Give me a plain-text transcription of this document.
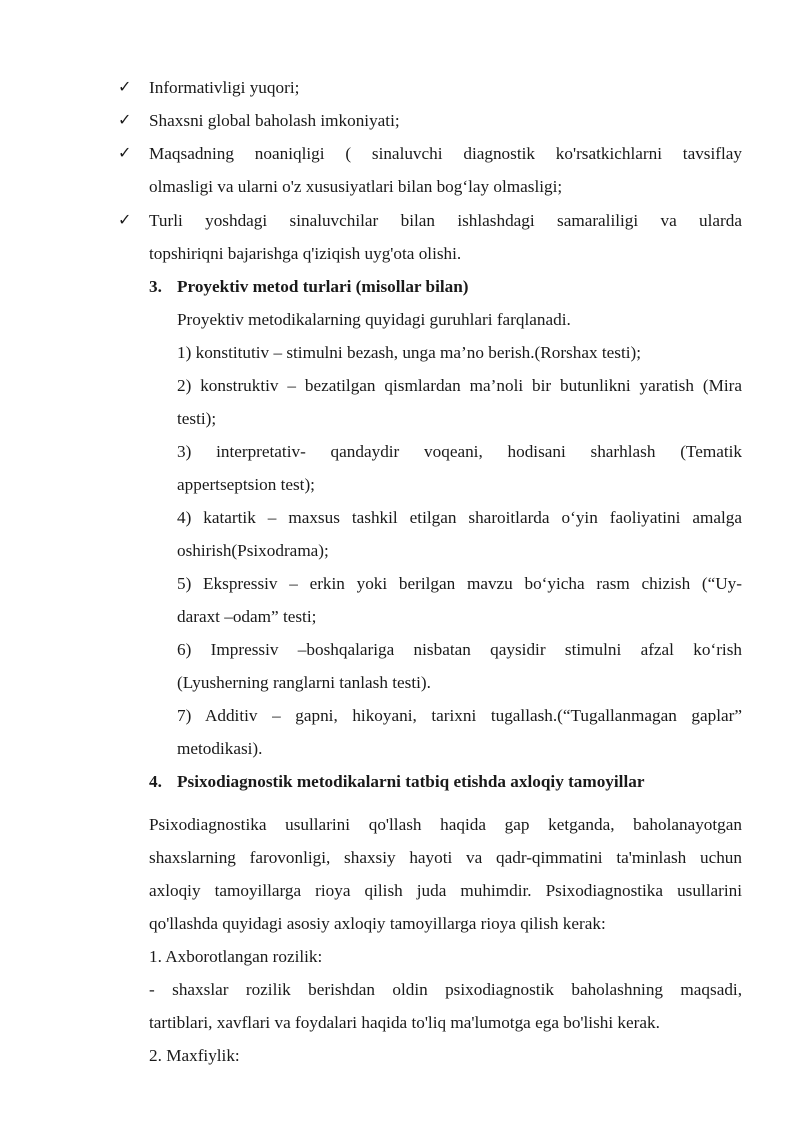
✓ Informativligi yuqori;
✓ Shaxsni global baholash imkoniyati;
✓ Maqsadning noaniqligi ( sinaluvchi diagnostik ko'rsatkichlarni tavsiflay
olmasligi va ularni o'z xususiyatlari bilan bog‘lay olmasligi;
✓ Turli yoshdagi sinaluvchilar bilan ishlashdagi samaraliligi va ularda
topshiriqni bajarishga q'iziqish uyg'ota olishi.
3. Proyektiv metod turlari (misollar bilan)
Proyektiv metodikalarning quyidagi guruhlari farqlanadi.
1) konstitutiv – stimulni bezash, unga ma’no berish.(Rorshax testi);
2) konstruktiv – bezatilgan qismlardan ma’noli bir butunlikni yaratish (Mira
testi);
3) interpretativ- qandaydir voqeani, hodisani sharhlash (Tematik
appertseptsion test);
4) katartik – maxsus tashkil etilgan sharoitlarda o‘yin faoliyatini amalga
oshirish(Psixodrama);
5) Ekspressiv – erkin yoki berilgan mavzu bo‘yicha rasm chizish (“Uy-
daraxt –odam” testi;
6) Impressiv –boshqalariga nisbatan qaysidir stimulni afzal ko‘rish
(Lyusherning ranglarni tanlash testi).
7) Additiv – gapni, hikoyani, tarixni tugallash.(“Tugallanmagan gaplar”
metodikasi).
4. Psixodiagnostik metodikalarni tatbiq etishda axloqiy tamoyillar
Psixodiagnostika usullarini qo'llash haqida gap ketganda, baholanayotgan
shaxslarning farovonligi, shaxsiy hayoti va qadr-qimmatini ta'minlash uchun
axloqiy tamoyillarga rioya qilish juda muhimdir. Psixodiagnostika usullarini
qo'llashda quyidagi asosiy axloqiy tamoyillarga rioya qilish kerak:
1. Axborotlangan rozilik:
- shaxslar rozilik berishdan oldin psixodiagnostik baholashning maqsadi,
tartiblari, xavflari va foydalari haqida to'liq ma'lumotga ega bo'lishi kerak.
2. Maxfiylik:
